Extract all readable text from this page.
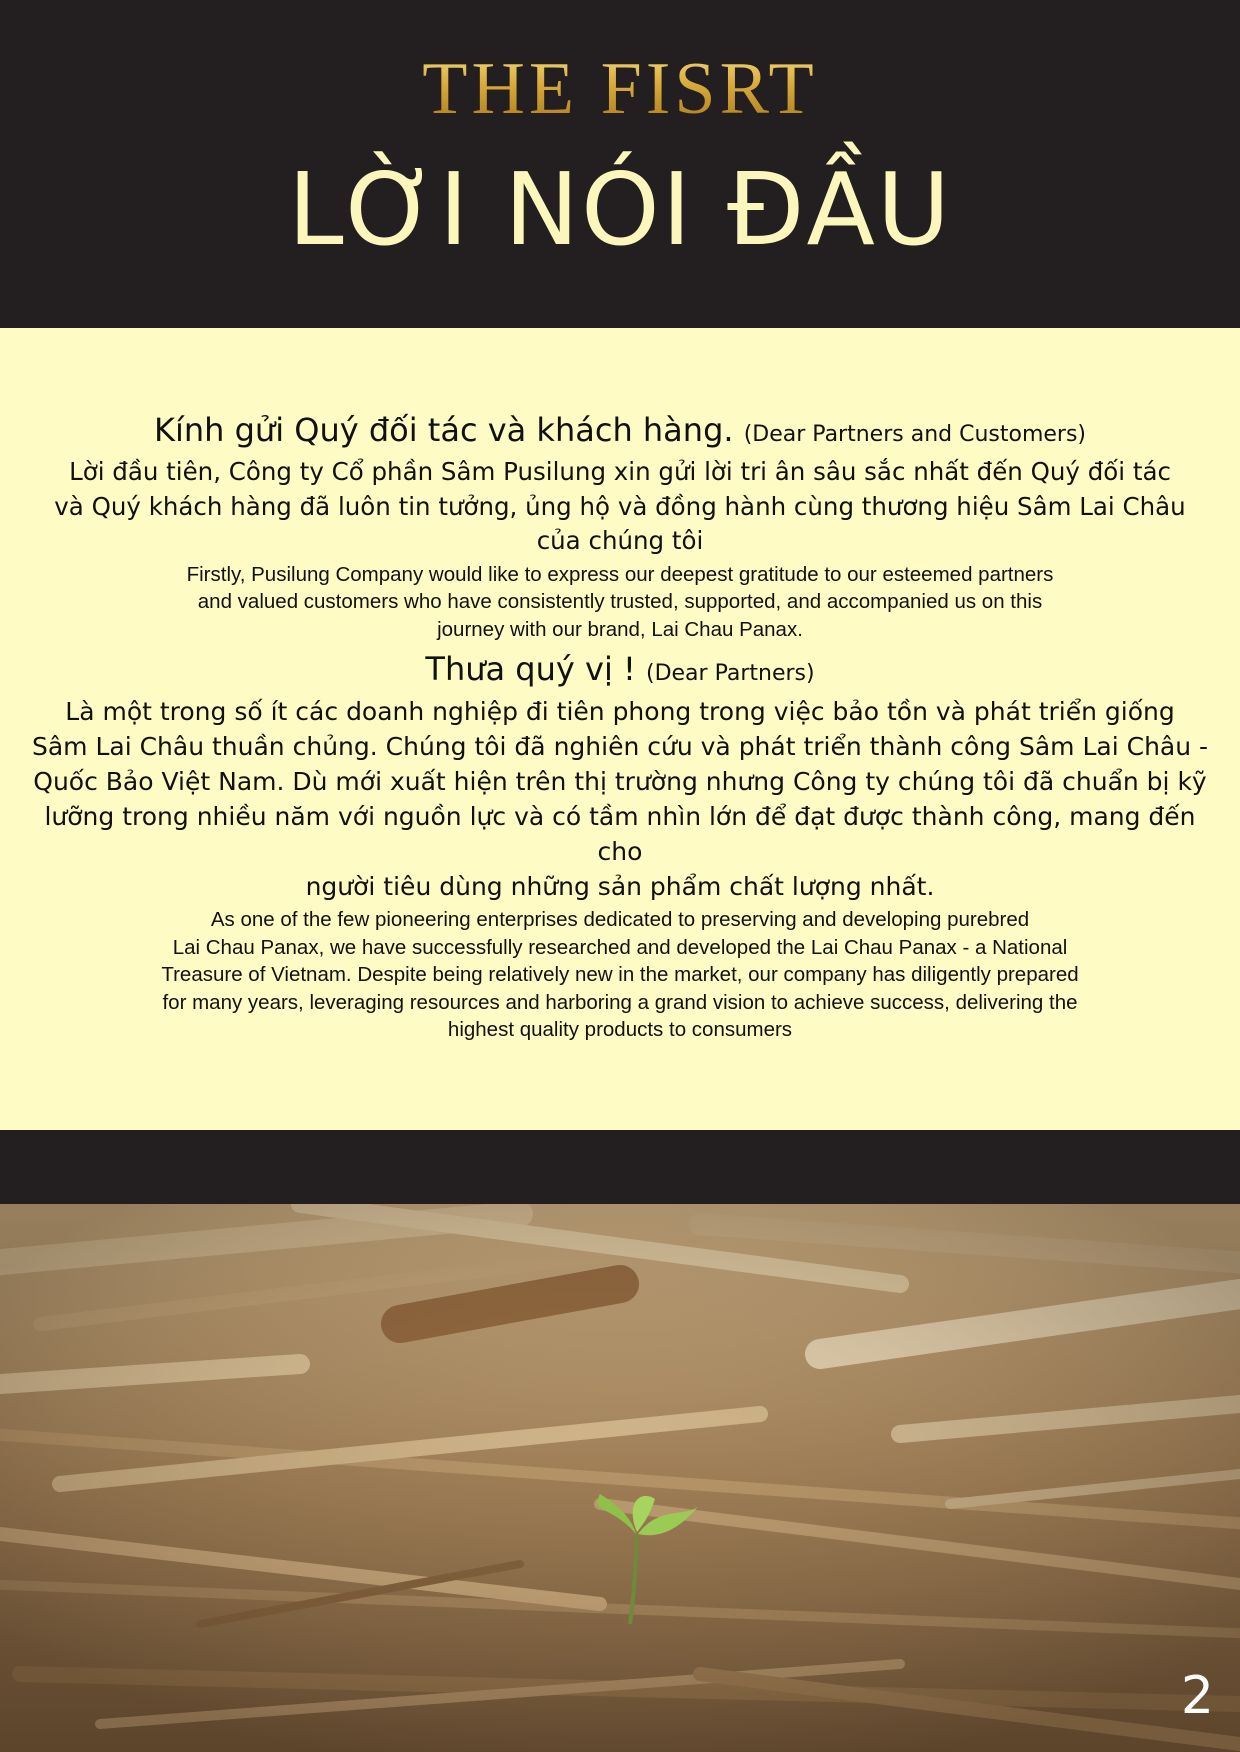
THE FISRT
LỜI NÓI ĐẦU

Kính gửi Quý đối tác và khách hàng. (Dear Partners and Customers)

Lời đầu tiên, Công ty Cổ phần Sâm Pusilung xin gửi lời tri ân sâu sắc nhất đến Quý đối tác

và Quý khách hàng đã luôn tin tưởng, ủng hộ và đồng hành cùng thương hiệu Sâm Lai Châu

của chúng tôi

Firstly, Pusilung Company would like to express our deepest gratitude to our esteemed partners
and valued customers who have consistently trusted, supported, and accompanied us on this
journey with our brand, Lai Chau Panax.

Thưa quý vị ! (Dear Partners)

Là một trong số ít các doanh nghiệp đi tiên phong trong việc bảo tồn và phát triển giống

Sâm Lai Châu thuần chủng. Chúng tôi đã nghiên cứu và phát triển thành công Sâm Lai Châu -

Quốc Bảo Việt Nam. Dù mới xuất hiện trên thị trường nhưng Công ty chúng tôi đã chuẩn bị kỹ

lưỡng trong nhiều năm với nguồn lực và có tầm nhìn lớn để đạt được thành công, mang đến cho

người tiêu dùng những sản phẩm chất lượng nhất.

As one of the few pioneering enterprises dedicated to preserving and developing purebred
Lai Chau Panax, we have successfully researched and developed the Lai Chau Panax - a National
Treasure of Vietnam. Despite being relatively new in the market, our company has diligently prepared
for many years, leveraging resources and harboring a grand vision to achieve success, delivering the
highest quality products to consumers
2
